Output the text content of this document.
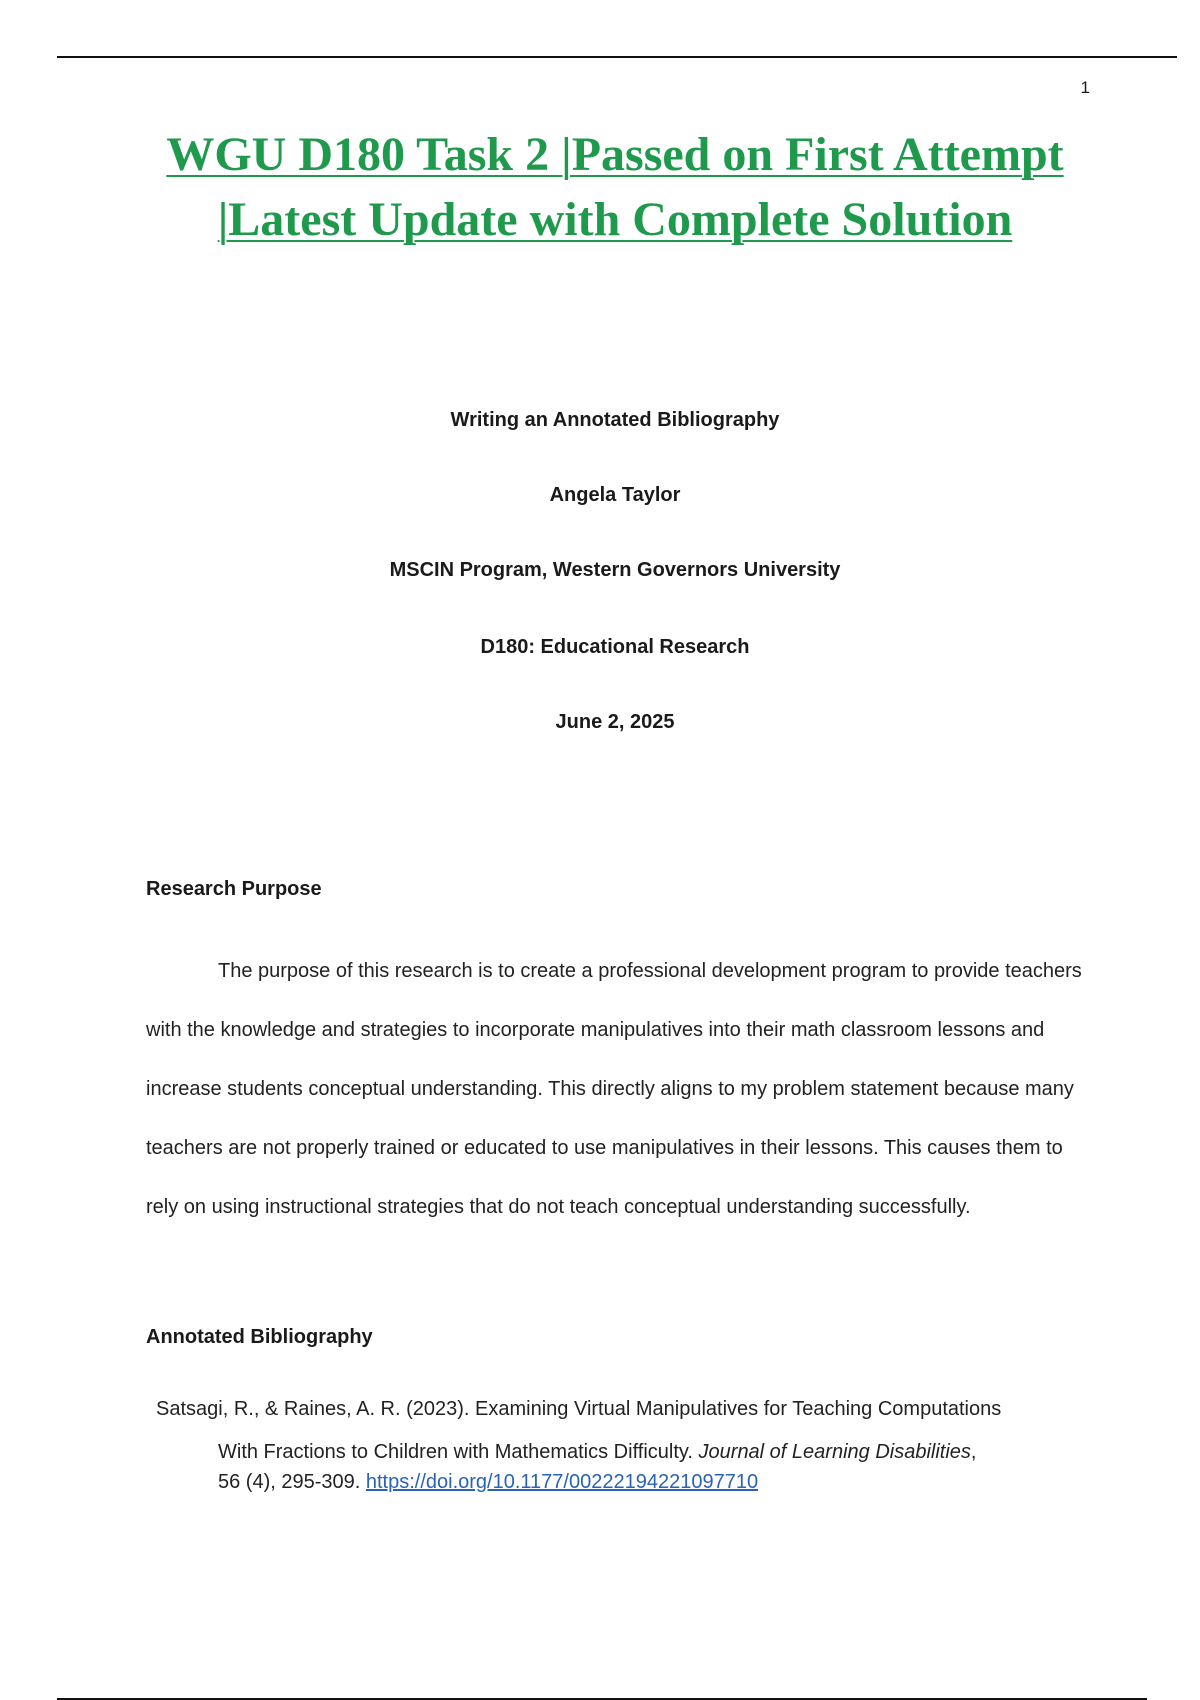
1
WGU D180 Task 2 |Passed on First Attempt
|Latest Update with Complete Solution

Writing an Annotated Bibliography

Angela Taylor

MSCIN Program, Western Governors University

D180: Educational Research

June 2, 2025

Research Purpose

The purpose of this research is to create a professional development program to provide teachers with the knowledge and strategies to incorporate manipulatives into their math classroom lessons and increase students conceptual understanding. This directly aligns to my problem statement because many teachers are not properly trained or educated to use manipulatives in their lessons. This causes them to rely on using instructional strategies that do not teach conceptual understanding successfully.

Annotated Bibliography

Satsagi, R., & Raines, A. R. (2023). Examining Virtual Manipulatives for Teaching Computations
With Fractions to Children with Mathematics Difficulty. Journal of Learning Disabilities,
56 (4), 295-309. https://doi.org/10.1177/00222194221097710
